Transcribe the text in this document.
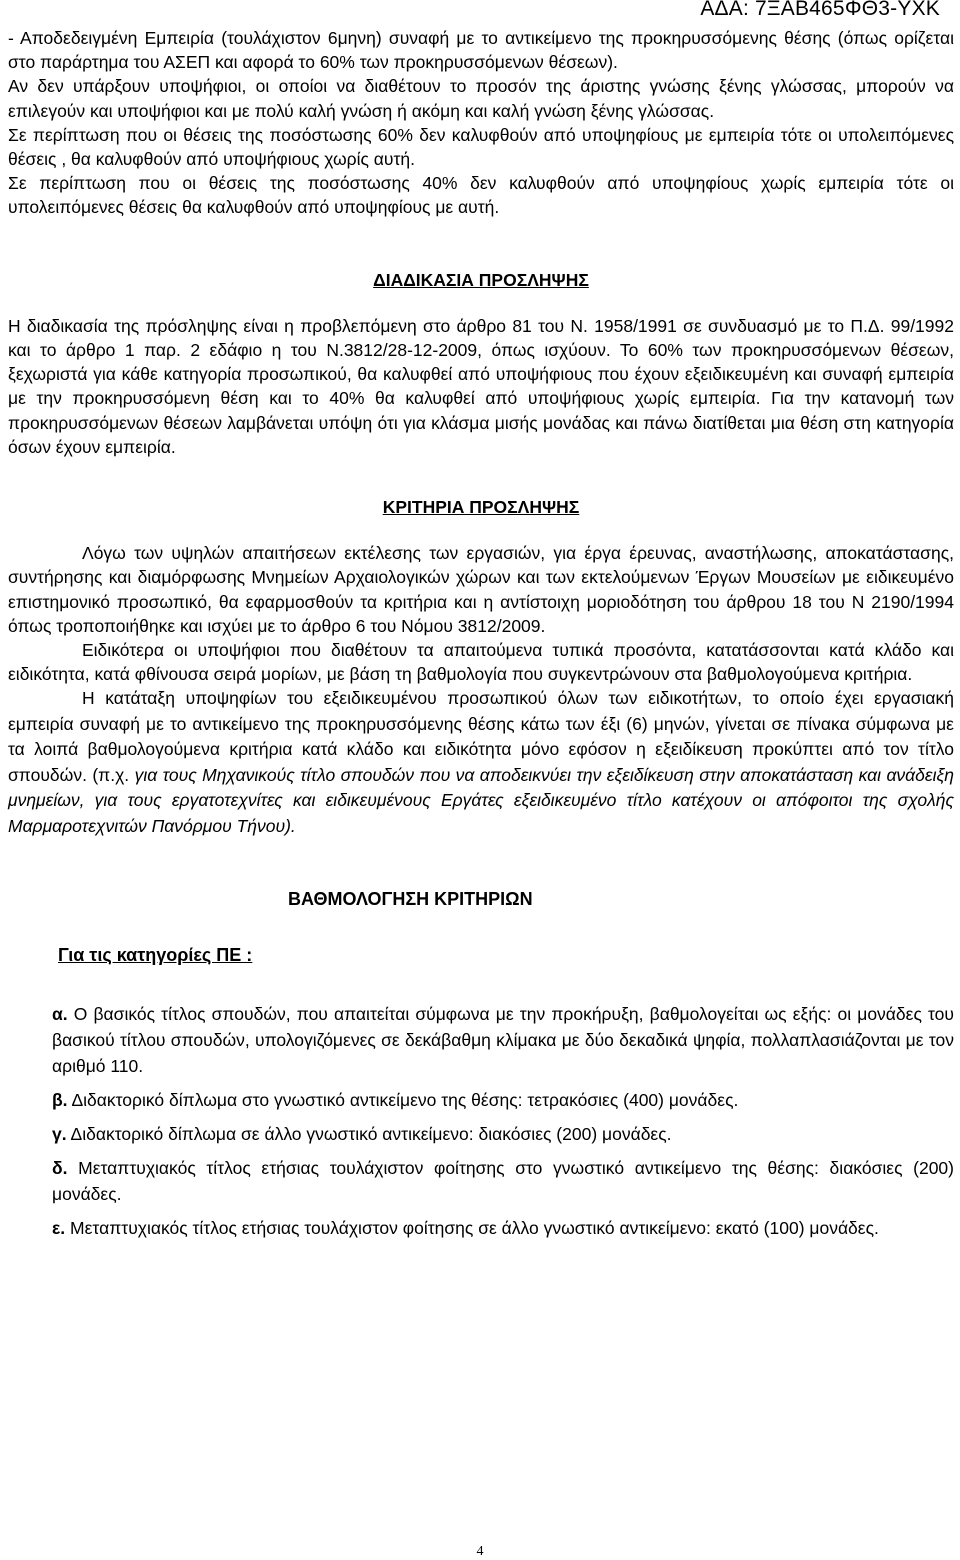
ΑΔΑ: 7ΞΑΒ465ΦΘ3-ΥΧΚ

- Αποδεδειγμένη Εμπειρία (τουλάχιστον 6μηνη) συναφή με το αντικείμενο της προκηρυσσόμενης θέσης (όπως ορίζεται στο παράρτημα του ΑΣΕΠ και αφορά το 60% των προκηρυσσόμενων θέσεων).

Αν δεν υπάρξουν υποψήφιοι, οι οποίοι να διαθέτουν το προσόν της άριστης γνώσης ξένης γλώσσας, μπορούν να επιλεγούν και υποψήφιοι και με πολύ καλή γνώση ή ακόμη και καλή γνώση ξένης γλώσσας.

Σε περίπτωση που οι θέσεις της ποσόστωσης 60% δεν καλυφθούν από υποψηφίους με εμπειρία τότε οι υπολειπόμενες θέσεις , θα καλυφθούν από υποψήφιους χωρίς αυτή.

Σε περίπτωση που οι θέσεις της ποσόστωσης 40% δεν καλυφθούν από υποψηφίους χωρίς εμπειρία τότε οι υπολειπόμενες θέσεις θα καλυφθούν από υποψηφίους με αυτή.

ΔΙΑΔΙΚΑΣΙΑ ΠΡΟΣΛΗΨΗΣ

Η διαδικασία της πρόσληψης είναι η προβλεπόμενη στο άρθρο 81 του Ν. 1958/1991 σε συνδυασμό με το Π.Δ. 99/1992 και το άρθρο 1 παρ. 2 εδάφιο η του Ν.3812/28-12-2009, όπως ισχύουν. Το 60% των προκηρυσσόμενων θέσεων, ξεχωριστά για κάθε κατηγορία προσωπικού, θα καλυφθεί από υποψήφιους που έχουν εξειδικευμένη και συναφή εμπειρία με την προκηρυσσόμενη θέση και το 40% θα καλυφθεί από υποψήφιους χωρίς εμπειρία. Για την κατανομή των προκηρυσσόμενων θέσεων λαμβάνεται υπόψη ότι για κλάσμα μισής μονάδας και πάνω διατίθεται μια θέση στη κατηγορία όσων έχουν εμπειρία.

ΚΡΙΤΗΡΙΑ ΠΡΟΣΛΗΨΗΣ

Λόγω των υψηλών απαιτήσεων εκτέλεσης των εργασιών, για έργα έρευνας, αναστήλωσης, αποκατάστασης, συντήρησης και διαμόρφωσης Μνημείων Αρχαιολογικών χώρων και των εκτελούμενων Έργων Μουσείων με ειδικευμένο επιστημονικό προσωπικό, θα εφαρμοσθούν τα κριτήρια και η αντίστοιχη μοριοδότηση του άρθρου 18 του Ν 2190/1994 όπως τροποποιήθηκε και ισχύει με το άρθρο 6 του Νόμου 3812/2009.

Ειδικότερα οι υποψήφιοι που διαθέτουν τα απαιτούμενα τυπικά προσόντα, κατατάσσονται κατά κλάδο και ειδικότητα, κατά φθίνουσα σειρά μορίων, με βάση τη βαθμολογία που συγκεντρώνουν στα βαθμολογούμενα κριτήρια.

Η κατάταξη υποψηφίων του εξειδικευμένου προσωπικού όλων των ειδικοτήτων, το οποίο έχει εργασιακή εμπειρία συναφή με το αντικείμενο της προκηρυσσόμενης θέσης κάτω των έξι (6) μηνών, γίνεται σε πίνακα σύμφωνα με τα λοιπά βαθμολογούμενα κριτήρια κατά κλάδο και ειδικότητα μόνο εφόσον η εξειδίκευση προκύπτει από τον τίτλο σπουδών. (π.χ. για τους Μηχανικούς τίτλο σπουδών που να αποδεικνύει την εξειδίκευση στην αποκατάσταση και ανάδειξη μνημείων, για τους εργατοτεχνίτες και ειδικευμένους Εργάτες εξειδικευμένο τίτλο κατέχουν οι απόφοιτοι της σχολής Μαρμαροτεχνιτών Πανόρμου Τήνου).

ΒΑΘΜΟΛΟΓΗΣΗ ΚΡΙΤΗΡΙΩΝ
Για τις κατηγορίες ΠΕ :

α. Ο βασικός τίτλος σπουδών, που απαιτείται σύμφωνα με την προκήρυξη, βαθμολογείται ως εξής: οι μονάδες του βασικού τίτλου σπουδών, υπολογιζόμενες σε δεκάβαθμη κλίμακα με δύο δεκαδικά ψηφία, πολλαπλασιάζονται με τον αριθμό 110.

β. Διδακτορικό δίπλωμα στο γνωστικό αντικείμενο της θέσης: τετρακόσιες (400) μονάδες.

γ. Διδακτορικό δίπλωμα σε άλλο γνωστικό αντικείμενο: διακόσιες (200) μονάδες.

δ. Μεταπτυχιακός τίτλος ετήσιας τουλάχιστον φοίτησης στο γνωστικό αντικείμενο της θέσης: διακόσιες (200) μονάδες.

ε. Μεταπτυχιακός τίτλος ετήσιας τουλάχιστον φοίτησης σε άλλο γνωστικό αντικείμενο: εκατό (100) μονάδες.

4
